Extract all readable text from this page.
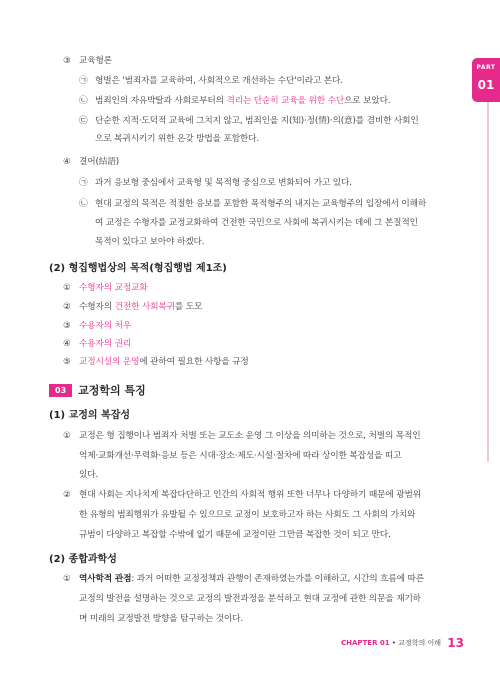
PART
01
③ 교육형론
㉠ 형벌은 '범죄자를 교육하여, 사회적으로 개선하는 수단'이라고 본다.
㉡ 범죄인의 자유박탈과 사회로부터의 격리는 단순히 교육을 위한 수단으로 보았다.
㉢ 단순한 지적·도덕적 교육에 그치지 않고, 범죄인을 지(知)·정(情)·의(意)를 겸비한 사회인
으로 복귀시키기 위한 온갖 방법을 포함한다.
④ 결어(結語)
㉠ 과거 응보형 중심에서 교육형 및 목적형 중심으로 변화되어 가고 있다.
㉡ 현대 교정의 목적은 적절한 응보를 포함한 목적형주의 내지는 교육형주의 입장에서 이해하
여 교정은 수형자를 교정교화하여 건전한 국민으로 사회에 복귀시키는 데에 그 본질적인
목적이 있다고 보아야 하겠다.
(2) 형집행법상의 목적(형집행법 제1조)
① 수형자의 교정교화
② 수형자의 건전한 사회복귀를 도모
③ 수용자의 처우
④ 수용자의 권리
⑤ 교정시설의 운영에 관하여 필요한 사항을 규정
03 교정학의 특징
(1) 교정의 복잡성
① 교정은 형 집행이나 범죄자 처벌 또는 교도소 운영 그 이상을 의미하는 것으로, 처벌의 목적인
억제·교화개선·무력화·응보 등은 시대·장소·제도·시설·절차에 따라 상이한 복잡성을 띠고
있다.
② 현대 사회는 지나치게 복잡다단하고 인간의 사회적 행위 또한 너무나 다양하기 때문에 광범위
한 유형의 범죄행위가 유발될 수 있으므로 교정이 보호하고자 하는 사회도 그 사회의 가치와
규범이 다양하고 복잡할 수밖에 없기 때문에 교정이란 그만큼 복잡한 것이 되고 만다.
(2) 종합과학성
① 역사학적 관점: 과거 어떠한 교정정책과 관행이 존재하였는가를 이해하고, 시간의 흐름에 따른
교정의 발전을 설명하는 것으로 교정의 발전과정을 분석하고 현대 교정에 관한 의문을 재기하
며 미래의 교정발전 방향을 탐구하는 것이다.
CHAPTER 01 • 교정학의 이해 13
